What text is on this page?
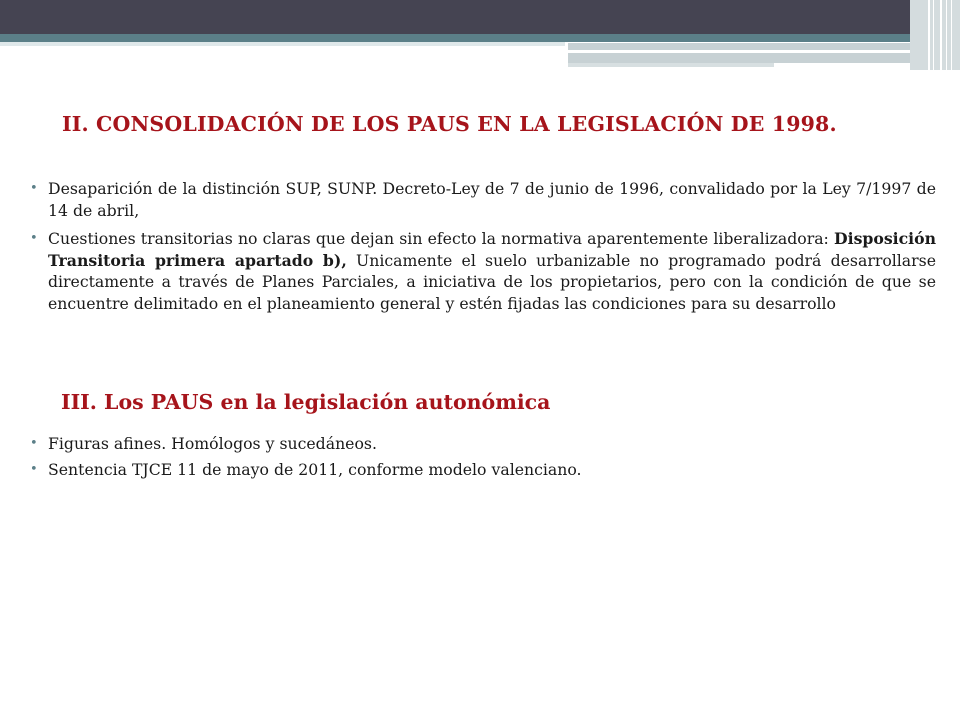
II. CONSOLIDACIÓN DE LOS PAUS EN LA LEGISLACIÓN DE 1998.
• Desaparición de la distinción SUP, SUNP. Decreto-Ley de 7 de junio de 1996, convalidado por la Ley 7/1997 de 14 de abril,
• Cuestiones transitorias no claras que dejan sin efecto la normativa aparentemente liberalizadora: Disposición Transitoria primera apartado b), Unicamente el suelo urbanizable no programado podrá desarrollarse directamente a través de Planes Parciales, a iniciativa de los propietarios, pero con la condición de que se encuentre delimitado en el planeamiento general y estén fijadas las condiciones para su desarrollo
III. Los PAUS en la legislación autonómica
• Figuras afines. Homólogos y sucedáneos.
• Sentencia TJCE 11 de mayo de 2011, conforme modelo valenciano.
